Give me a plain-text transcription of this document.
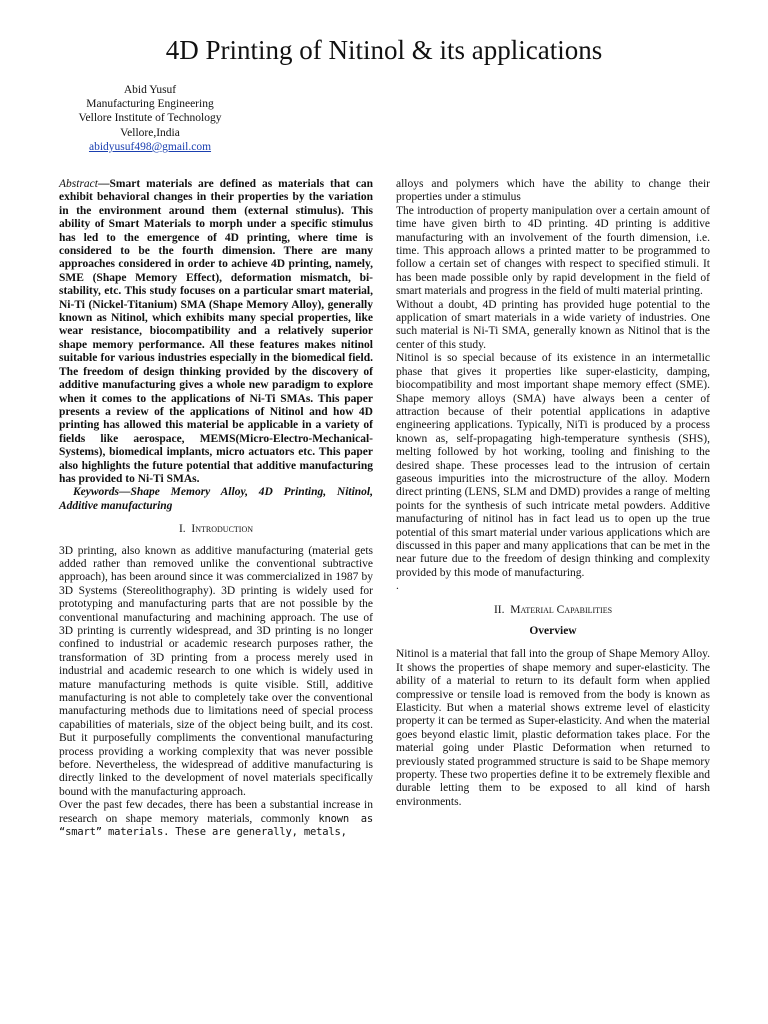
4D Printing of Nitinol & its applications
Abid Yusuf
Manufacturing Engineering
Vellore Institute of Technology
Vellore,India
abidyusuf498@gmail.com

Abstract—Smart materials are defined as materials that can exhibit behavioral changes in their properties by the variation in the environment around them (external stimulus). This ability of Smart Materials to morph under a specific stimulus has led to the emergence of 4D printing, where time is considered to be the fourth dimension. There are many approaches considered in order to achieve 4D printing, namely, SME (Shape Memory Effect), deformation mismatch, bi-stability, etc. This study focuses on a particular smart material, Ni-Ti (Nickel-Titanium) SMA (Shape Memory Alloy), generally known as Nitinol, which exhibits many special properties, like wear resistance, biocompatibility and a relatively superior shape memory performance. All these features makes nitinol suitable for various industries especially in the biomedical field. The freedom of design thinking provided by the discovery of additive manufacturing gives a whole new paradigm to explore when it comes to the applications of Ni-Ti SMAs. This paper presents a review of the applications of Nitinol and how 4D printing has allowed this material be applicable in a variety of fields like aerospace, MEMS(Micro-Electro-Mechanical-Systems), biomedical implants, micro actuators etc. This paper also highlights the future potential that additive manufacturing has provided to Ni-Ti SMAs.

Keywords—Shape Memory Alloy, 4D Printing, Nitinol, Additive manufacturing

I.  Introduction

3D printing, also known as additive manufacturing (material gets added rather than removed unlike the conventional subtractive approach), has been around since it was commercialized in 1987 by 3D Systems (Stereolithography). 3D printing is widely used for prototyping and manufacturing parts that are not possible by the conventional manufacturing and machining approach. The use of 3D printing is currently widespread, and 3D printing is no longer confined to industrial or academic research purposes rather, the transformation of 3D printing from a process merely used in industrial and academic research to one which is widely used in mature manufacturing methods is quite visible. Still, additive manufacturing is not able to completely take over the conventional manufacturing methods due to limitations need of special process capabilities of materials, size of the object being built, and its cost. But it purposefully compliments the conventional manufacturing process providing a working complexity that was never possible before. Nevertheless, the widespread of additive manufacturing is directly linked to the development of novel materials specifically bound with the manufacturing approach.

Over the past few decades, there has been a substantial increase in research on shape memory materials, commonly known as “smart” materials. These are generally, metals,

alloys and polymers which have the ability to change their properties under a stimulus

The introduction of property manipulation over a certain amount of time have given birth to 4D printing. 4D printing is additive manufacturing with an involvement of the fourth dimension, i.e. time. This approach allows a printed matter to be programmed to follow a certain set of changes with respect to specified stimuli. It has been made possible only by rapid development in the field of smart materials and progress in the field of multi material printing.

Without a doubt, 4D printing has provided huge potential to the application of smart materials in a wide variety of industries. One such material is Ni-Ti SMA, generally known as Nitinol that is the center of this study.

Nitinol is so special because of its existence in an intermetallic phase that gives it properties like super-elasticity, damping, biocompatibility and most important shape memory effect (SME). Shape memory alloys (SMA) have always been a center of attraction because of their potential applications in adaptive engineering applications. Typically, NiTi is produced by a process known as, self-propagating high-temperature synthesis (SHS), melting followed by hot working, tooling and finishing to the desired shape. These processes lead to the intrusion of certain gaseous impurities into the microstructure of the alloy. Modern direct printing (LENS, SLM and DMD) provides a range of melting points for the synthesis of such intricate metal powders. Additive manufacturing of nitinol has in fact lead us to open up the true potential of this smart material under various applications which are discussed in this paper and many applications that can be met in the near future due to the freedom of design thinking and complexity provided by this mode of manufacturing.

.

II.  Material Capabilities
Overview

Nitinol is a material that fall into the group of Shape Memory Alloy. It shows the properties of shape memory and super-elasticity. The ability of a material to return to its default form when applied compressive or tensile load is removed from the body is known as Elasticity. But when a material shows extreme level of elasticity property it can be termed as Super-elasticity. And when the material goes beyond elastic limit, plastic deformation takes place. For the material going under Plastic Deformation when returned to previously stated programmed structure is said to be Shape memory property. These two properties define it to be extremely flexible and durable letting them to be exposed to all kind of harsh environments.
